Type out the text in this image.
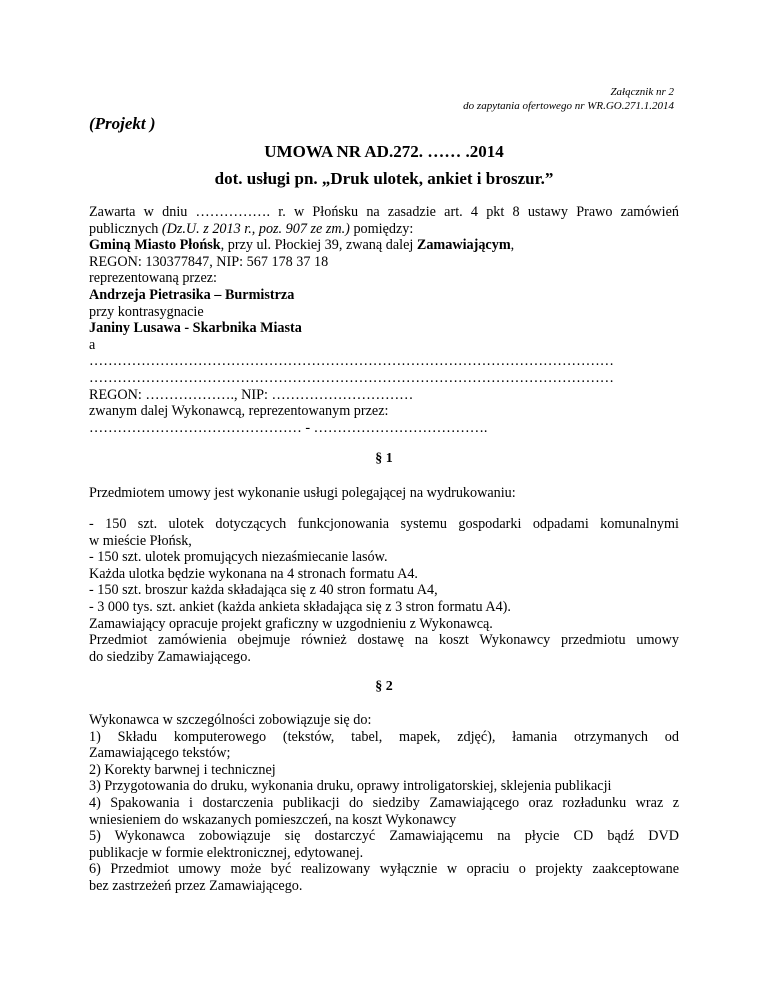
Załącznik nr 2
do zapytania ofertowego nr WR.GO.271.1.2014
(Projekt )
UMOWA NR AD.272. …… .2014
dot. usługi pn. „Druk ulotek, ankiet i broszur.”
Zawarta w dniu ……………. r. w Płońsku na zasadzie art. 4 pkt 8 ustawy Prawo zamówień
publicznych (Dz.U. z 2013 r., poz. 907 ze zm.) pomiędzy:
Gminą Miasto Płońsk, przy ul. Płockiej 39, zwaną dalej Zamawiającym,
REGON: 130377847, NIP: 567 178 37 18
reprezentowaną przez:
Andrzeja Pietrasika – Burmistrza
przy kontrasygnacie
Janiny Lusawa - Skarbnika Miasta
a
…………………………………………………………………………………………………
…………………………………………………………………………………………………
REGON: ………………., NIP: …………………………
zwanym dalej Wykonawcą, reprezentowanym przez:
……………………………………… - ……………………………….
§ 1
Przedmiotem umowy jest wykonanie usługi polegającej na wydrukowaniu:
- 150 szt. ulotek dotyczących funkcjonowania systemu gospodarki odpadami komunalnymi
w mieście Płońsk,
- 150 szt. ulotek promujących niezaśmiecanie lasów.
Każda ulotka będzie wykonana na 4 stronach formatu A4.
- 150 szt. broszur każda składająca się z 40 stron formatu A4,
- 3 000 tys. szt. ankiet (każda ankieta składająca się z 3 stron formatu A4).
Zamawiający opracuje projekt graficzny w uzgodnieniu z Wykonawcą.
Przedmiot zamówienia obejmuje również dostawę na koszt Wykonawcy przedmiotu umowy
do siedziby Zamawiającego.
§ 2
Wykonawca w szczególności zobowiązuje się do:
1) Składu komputerowego (tekstów, tabel, mapek, zdjęć), łamania otrzymanych od
Zamawiającego tekstów;
2) Korekty barwnej i technicznej
3) Przygotowania do druku, wykonania druku, oprawy introligatorskiej, sklejenia publikacji
4) Spakowania i dostarczenia publikacji do siedziby Zamawiającego oraz rozładunku wraz z
wniesieniem do wskazanych pomieszczeń, na koszt Wykonawcy
5) Wykonawca zobowiązuje się dostarczyć Zamawiającemu na płycie CD bądź DVD
publikacje w formie elektronicznej, edytowanej.
6) Przedmiot umowy może być realizowany wyłącznie w opraciu o projekty zaakceptowane
bez zastrzeżeń przez Zamawiającego.
